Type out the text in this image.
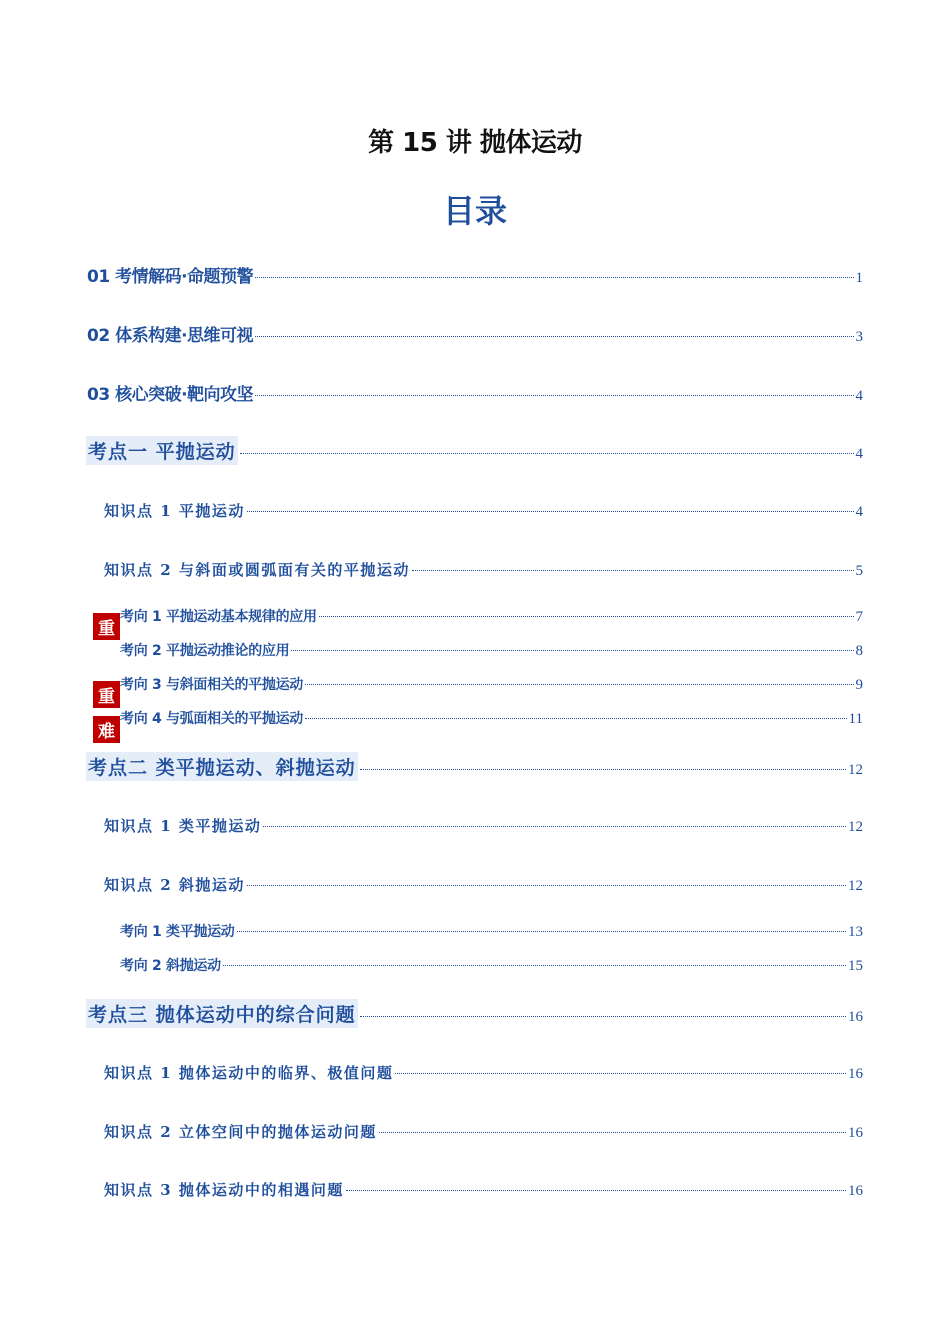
第 15 讲 抛体运动
目录
01 考情解码·命题预警	1
02 体系构建·思维可视	3
03 核心突破·靶向攻坚	4
考点一 平抛运动	4
知识点 1 平抛运动	4
知识点 2 与斜面或圆弧面有关的平抛运动	5
重
考向 1 平抛运动基本规律的应用	7
考向 2 平抛运动推论的应用	8
重
考向 3 与斜面相关的平抛运动	9
难
考向 4 与弧面相关的平抛运动	11
考点二 类平抛运动、斜抛运动	12
知识点 1 类平抛运动	12
知识点 2 斜抛运动	12
考向 1 类平抛运动	13
考向 2 斜抛运动	15
考点三 抛体运动中的综合问题	16
知识点 1 抛体运动中的临界、极值问题	16
知识点 2 立体空间中的抛体运动问题	16
知识点 3 抛体运动中的相遇问题	16
